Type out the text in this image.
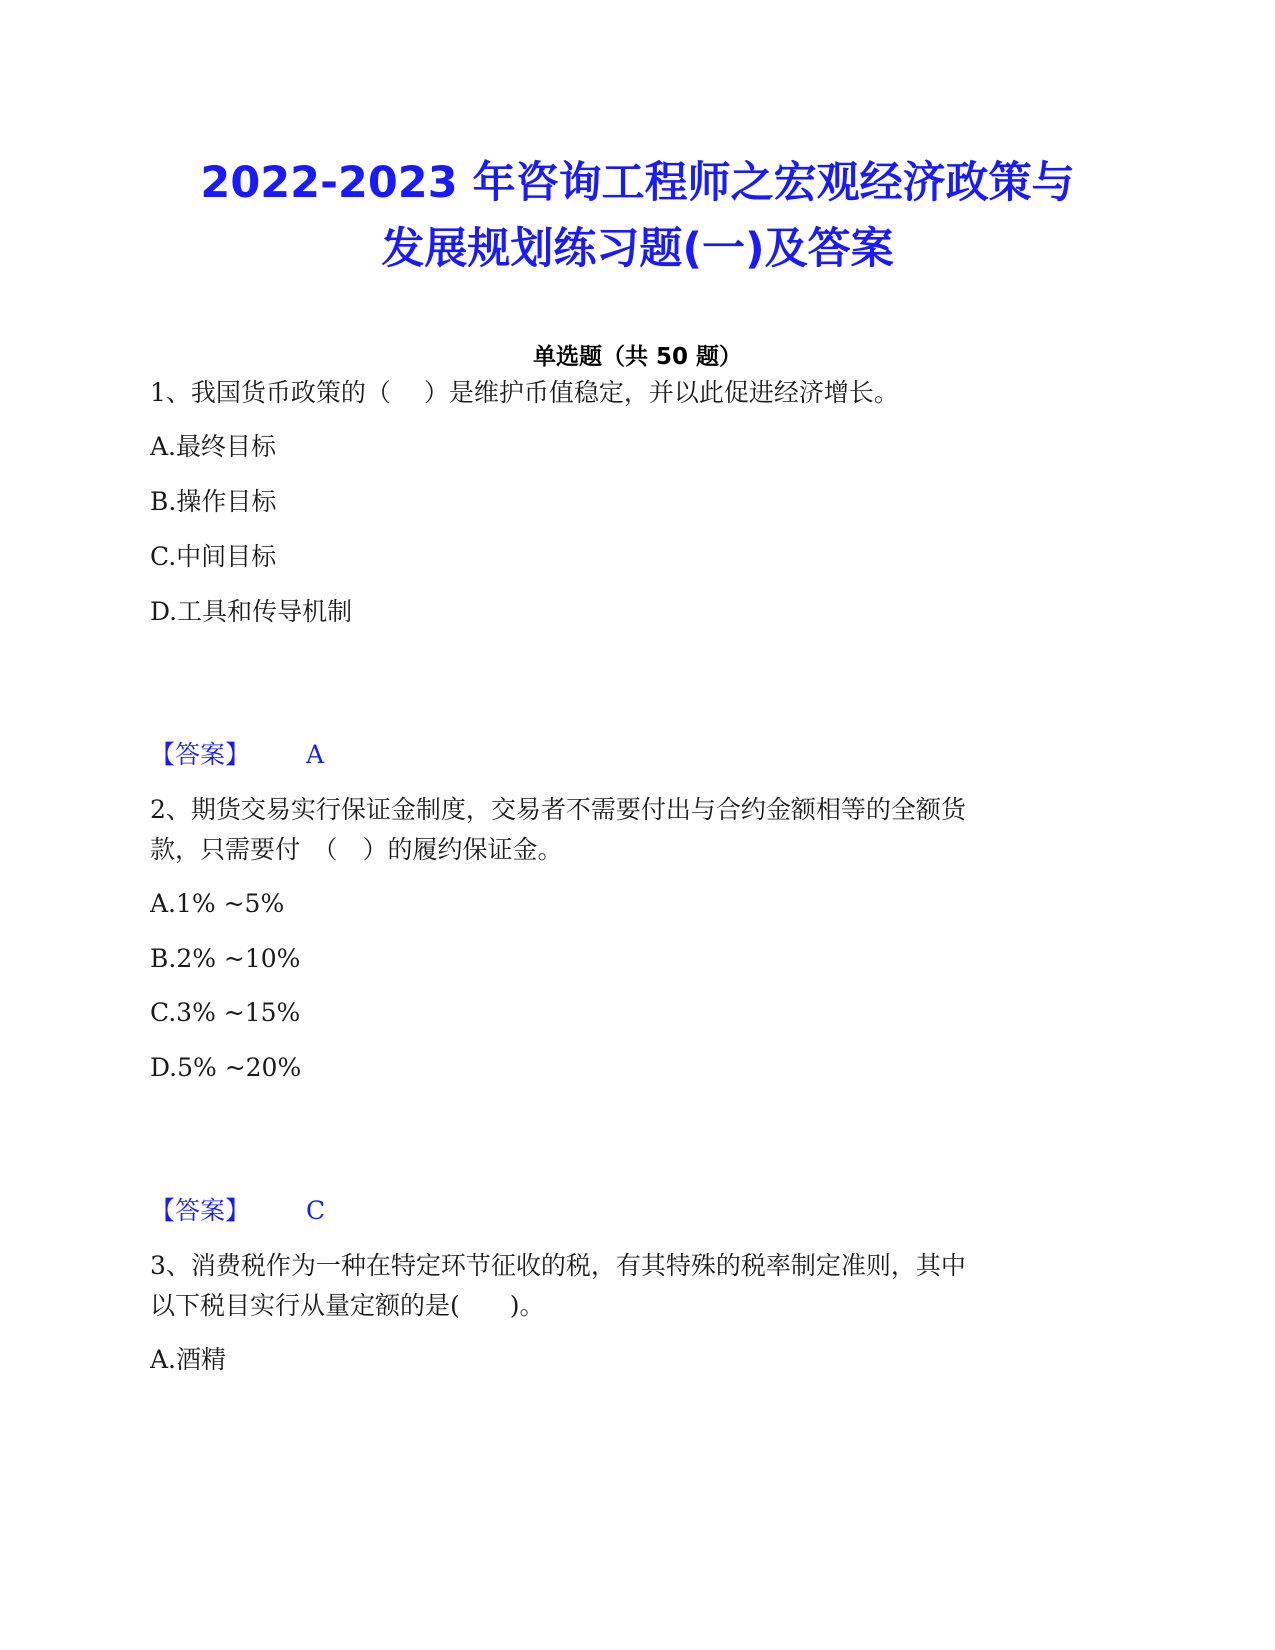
2022-2023 年咨询工程师之宏观经济政策与
发展规划练习题(一)及答案
单选题（共 50 题）
1、我国货币政策的（　 ）是维护币值稳定，并以此促进经济增长。
A.最终目标
B.操作目标
C.中间目标
D.工具和传导机制
【答案】 A
2、期货交易实行保证金制度，交易者不需要付出与合约金额相等的全额货
款，只需要付　（　）的履约保证金。
A.1% ~5%
B.2% ~10%
C.3% ~15%
D.5% ~20%
【答案】 C
3、消费税作为一种在特定环节征收的税，有其特殊的税率制定准则，其中
以下税目实行从量定额的是(　　)。
A.酒精
